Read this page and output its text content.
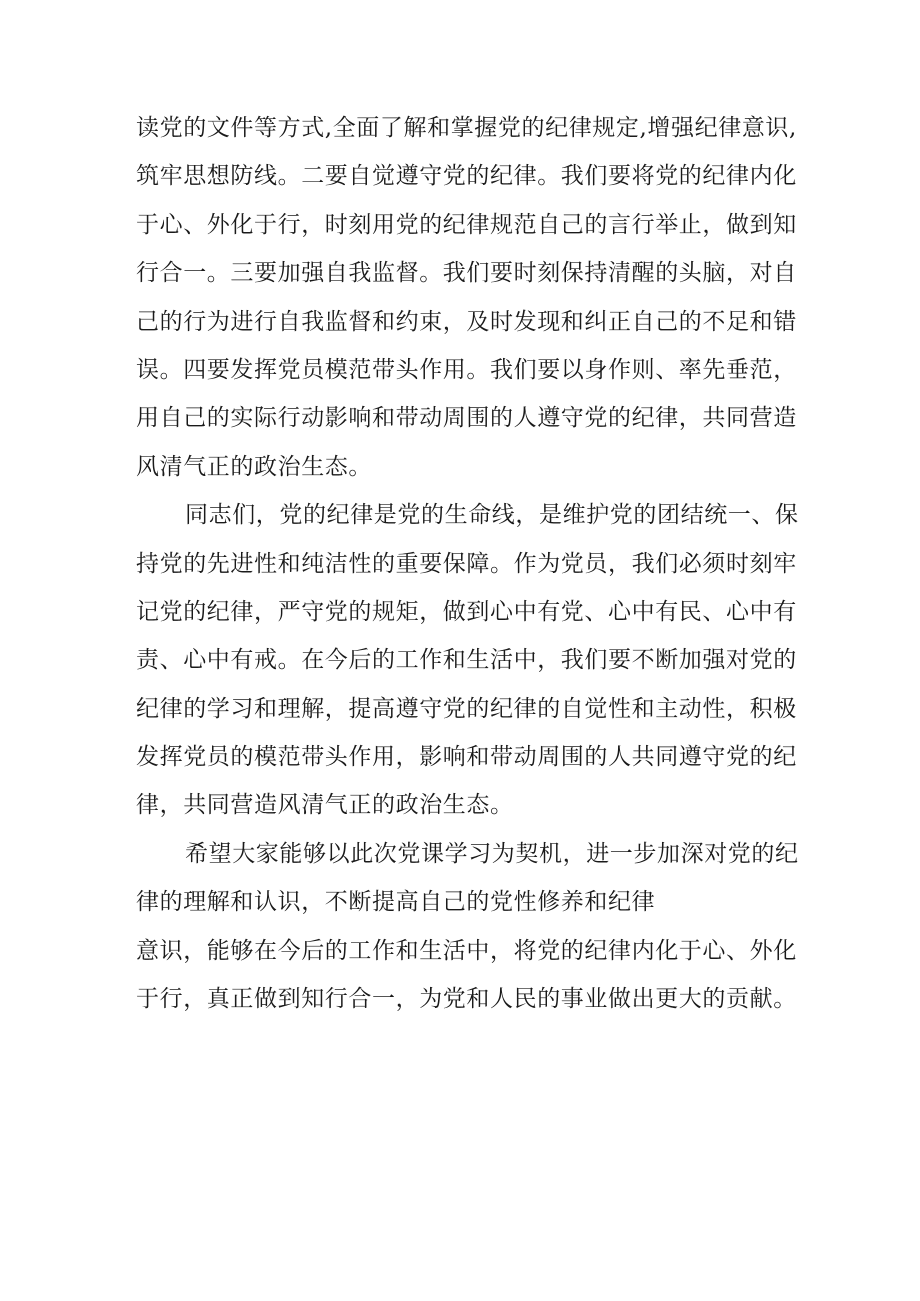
读党的文件等方式,全面了解和掌握党的纪律规定,增强纪律意识,
筑牢思想防线。二要自觉遵守党的纪律。我们要将党的纪律内化
于心、外化于行，时刻用党的纪律规范自己的言行举止，做到知
行合一。三要加强自我监督。我们要时刻保持清醒的头脑，对自
己的行为进行自我监督和约束，及时发现和纠正自己的不足和错
误。四要发挥党员模范带头作用。我们要以身作则、率先垂范，
用自己的实际行动影响和带动周围的人遵守党的纪律，共同营造
风清气正的政治生态。
同志们，党的纪律是党的生命线，是维护党的团结统一、保
持党的先进性和纯洁性的重要保障。作为党员，我们必须时刻牢
记党的纪律，严守党的规矩，做到心中有党、心中有民、心中有
责、心中有戒。在今后的工作和生活中，我们要不断加强对党的
纪律的学习和理解，提高遵守党的纪律的自觉性和主动性，积极
发挥党员的模范带头作用，影响和带动周围的人共同遵守党的纪
律，共同营造风清气正的政治生态。
希望大家能够以此次党课学习为契机，进一步加深对党的纪
律的理解和认识，不断提高自己的党性修养和纪律
意识，能够在今后的工作和生活中，将党的纪律内化于心、外化
于行，真正做到知行合一，为党和人民的事业做出更大的贡献。
